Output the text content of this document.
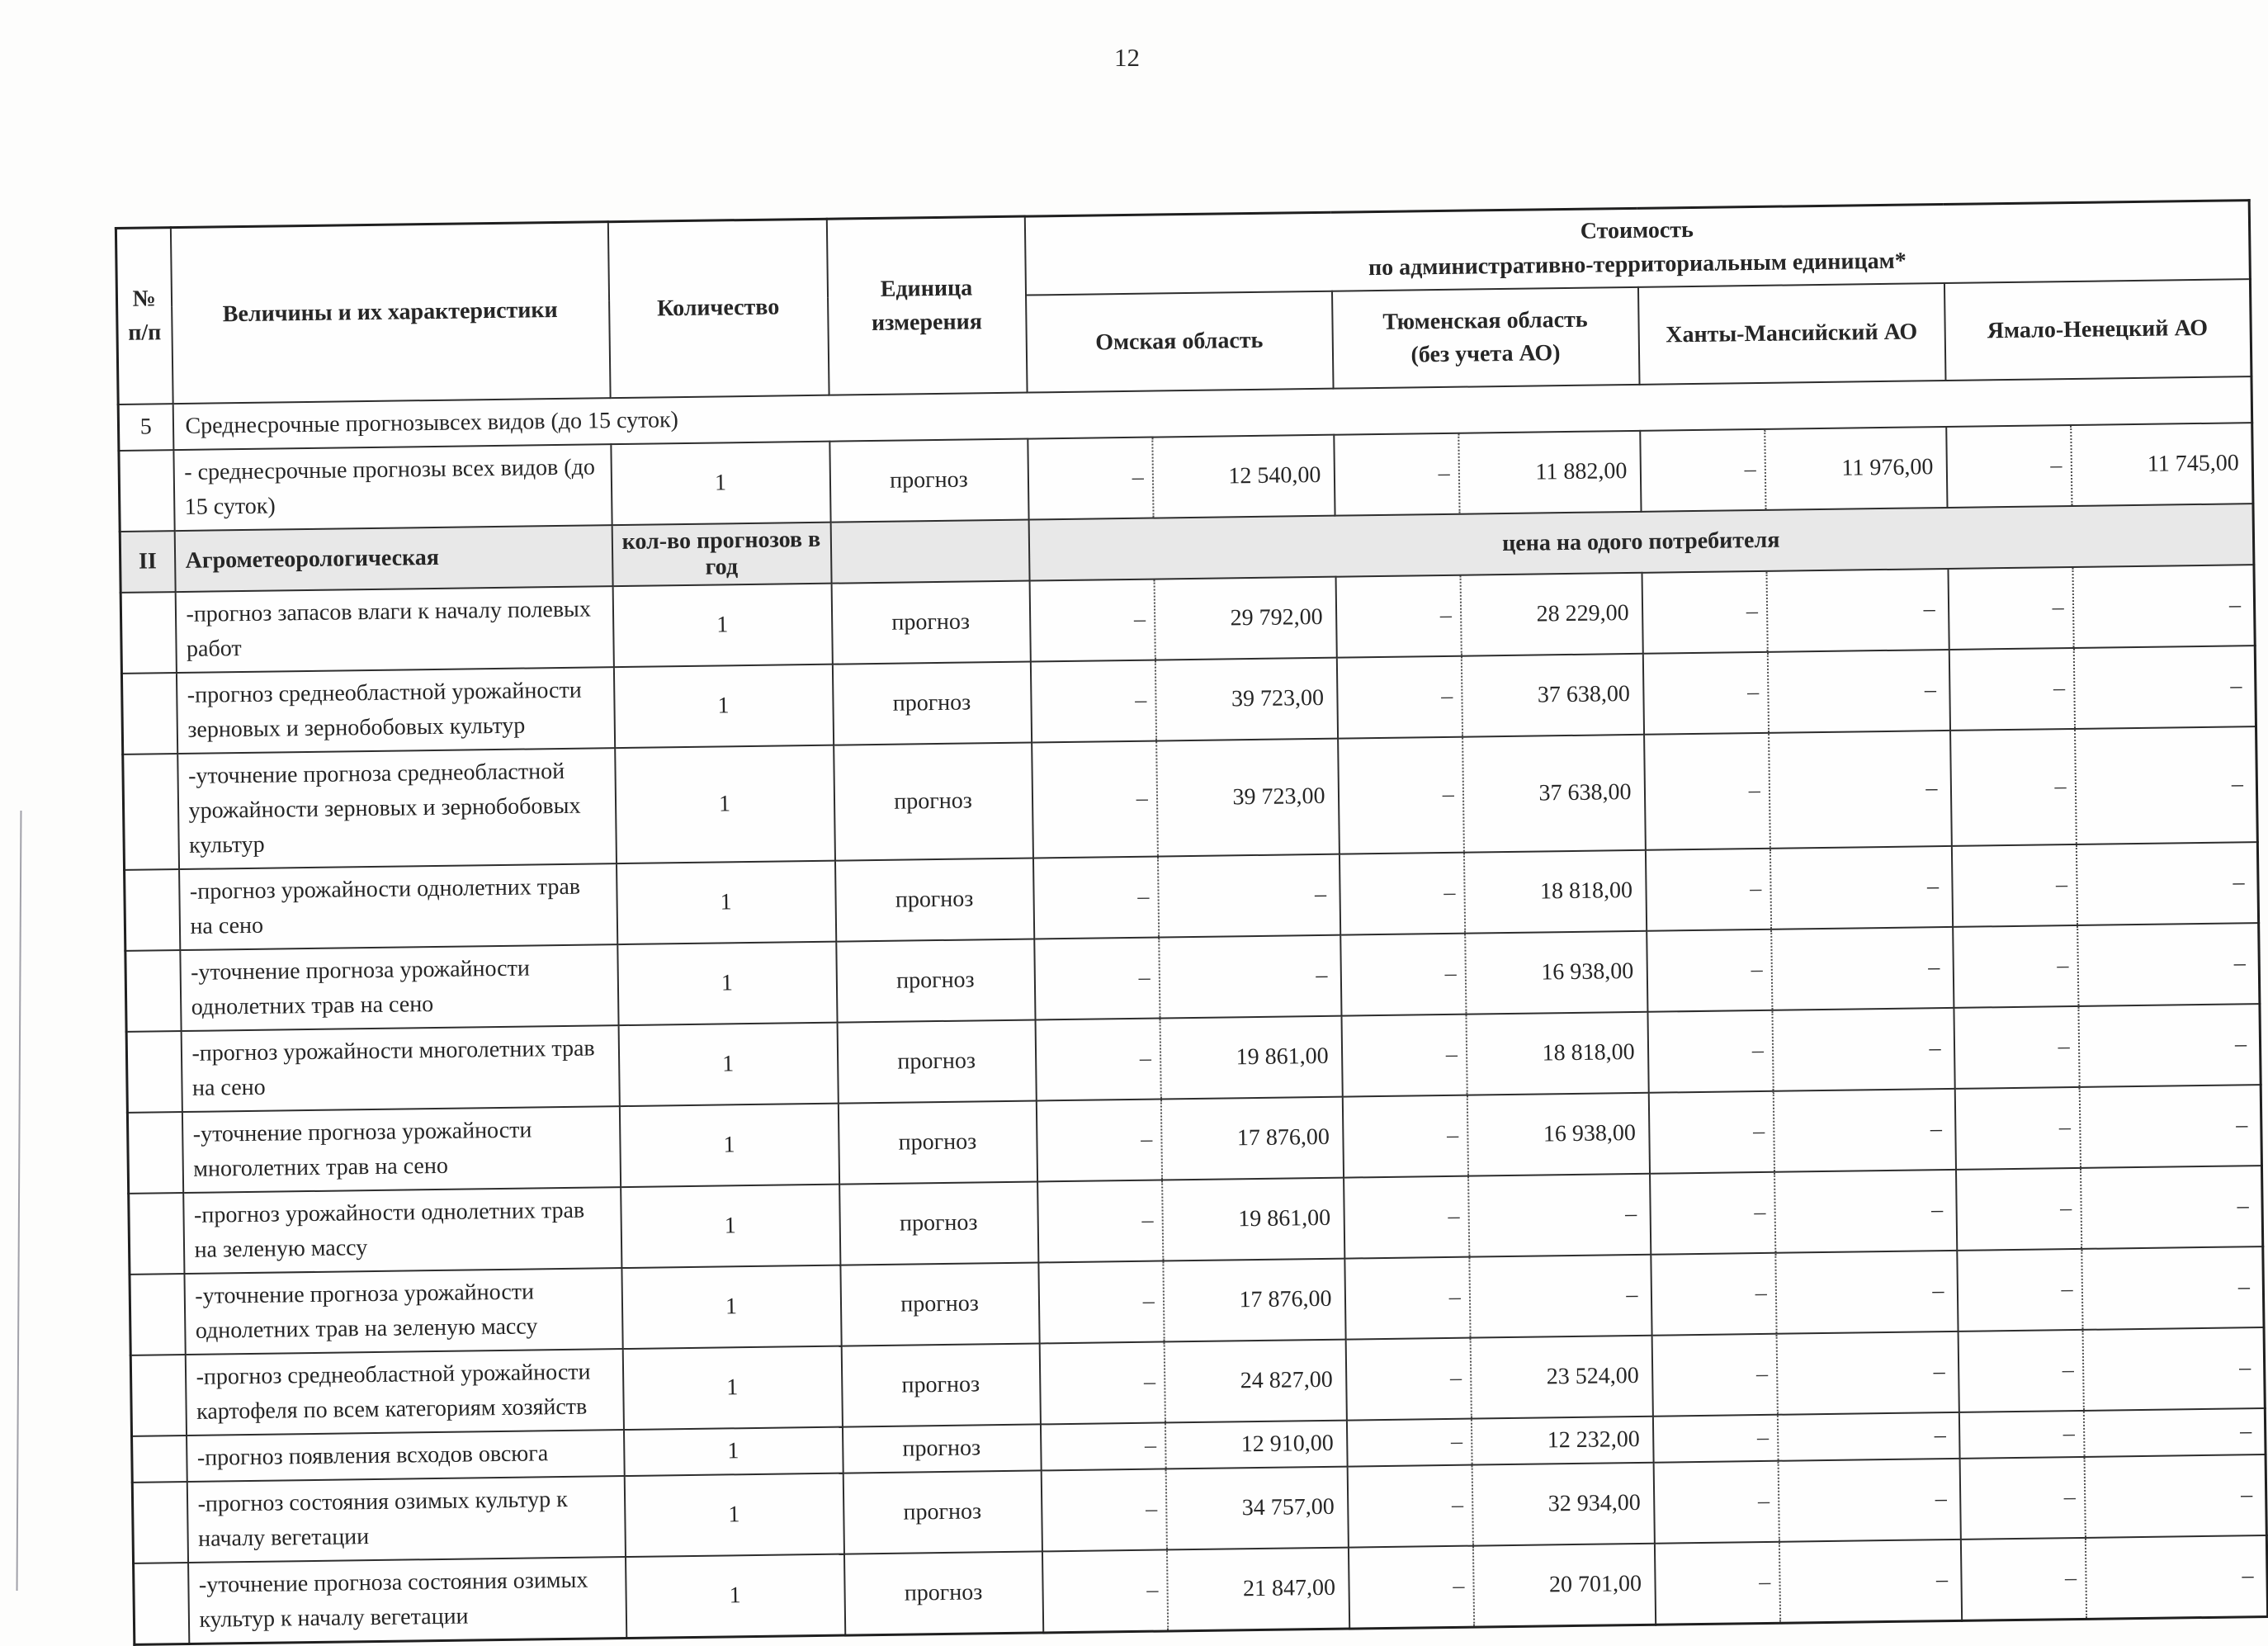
12
№
п/п	Величины и их характеристики	Количество	Единица
измерения	Стоимость
по административно-территориальным единицам*			
				Омская область	Тюменская область
(без учета АО)	Ханты-Мансийский АО	Ямало-Ненецкий АО
5	Среднесрочные прогнозывсех видов (до 15 суток)						
	- среднесрочные прогнозы всех видов (до 15 суток)	1	прогноз	– 12 540,00	– 11 882,00	– 11 976,00	– 11 745,00

II	Агрометеорологическая	кол-во прогнозов в год		цена на одого потребителя			
	-прогноз запасов влаги к началу полевых работ	1	прогноз	– 29 792,00	– 28 229,00	– –	– –

	-прогноз среднеобластной урожайности зерновых и зернобобовых культур	1	прогноз	– 39 723,00	– 37 638,00	– –	– –

	-уточнение прогноза среднеобластной урожайности зерновых и зернобобовых культур	1	прогноз	– 39 723,00	– 37 638,00	– –	– –

	-прогноз урожайности однолетних трав на сено	1	прогноз	– –	– 18 818,00	– –	– –

	-уточнение прогноза урожайности однолетних трав на сено	1	прогноз	– –	– 16 938,00	– –	– –

	-прогноз урожайности многолетних трав на сено	1	прогноз	– 19 861,00	– 18 818,00	– –	– –

	-уточнение прогноза урожайности многолетних трав на сено	1	прогноз	– 17 876,00	– 16 938,00	– –	– –

	-прогноз урожайности однолетних трав на зеленую массу	1	прогноз	– 19 861,00	– –	– –	– –

	-уточнение прогноза урожайности однолетних трав на зеленую массу	1	прогноз	– 17 876,00	– –	– –	– –

	-прогноз среднеобластной урожайности картофеля по всем категориям хозяйств	1	прогноз	– 24 827,00	– 23 524,00	– –	– –

	-прогноз появления всходов овсюга	1	прогноз	– 12 910,00	– 12 232,00	– –	– –

	-прогноз состояния озимых культур к началу вегетации	1	прогноз	– 34 757,00	– 32 934,00	– –	– –

	-уточнение прогноза состояния озимых культур к началу вегетации	1	прогноз	– 21 847,00	– 20 701,00	– –	– –
